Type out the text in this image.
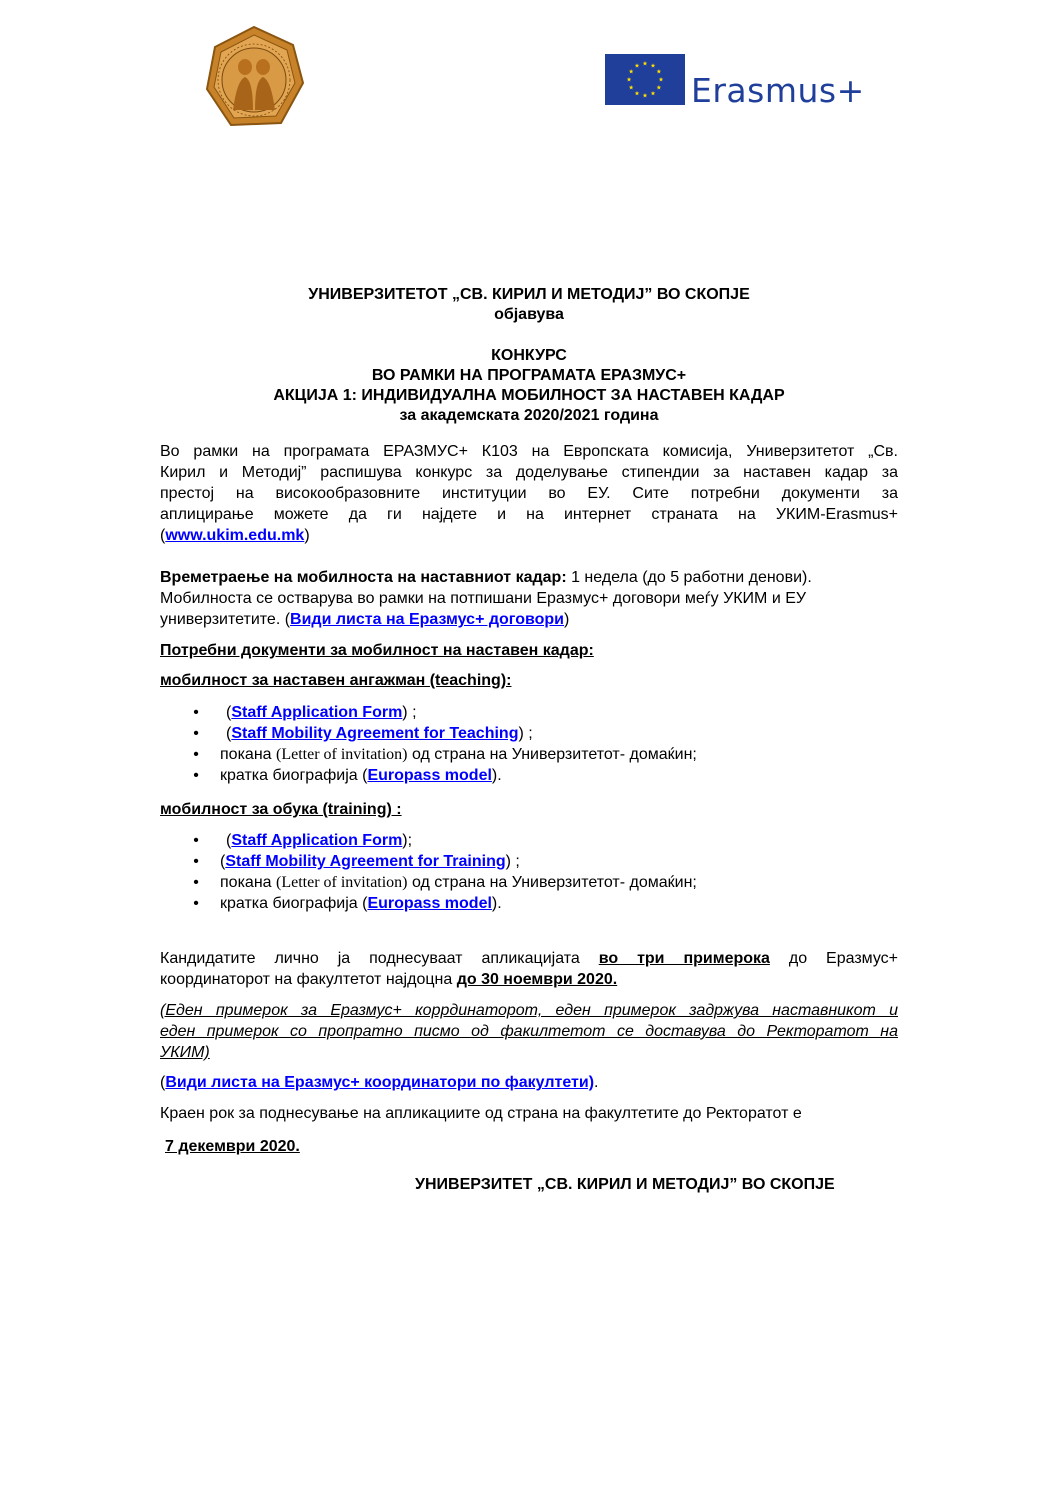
Erasmus+
УНИВЕРЗИТЕТОТ „СВ. КИРИЛ И МЕТОДИЈ” ВО СКОПЈЕ
објавува
КОНКУРС
ВО РАМКИ НА ПРОГРАМАТА ЕРАЗМУС+
АКЦИЈА 1: ИНДИВИДУАЛНА МОБИЛНОСТ ЗА НАСТАВЕН КАДАР
за академската 2020/2021 година
Во рамки на програмата ЕРАЗМУС+ К103 на Европската комисија, Универзитетот „Св.
Кирил и Методиј” распишува конкурс за доделување стипендии за наставен кадар за
престој на високообразовните институции во ЕУ. Сите потребни документи за
аплицирање можете да ги најдете и на интернет страната на УКИМ-Erasmus+
(www.ukim.edu.mk)
Времетраење на мобилноста на наставниот кадар: 1 недела (до 5 работни денови).
Мобилноста се остварува во рамки на потпишани Еразмус+ договори меѓу УКИМ и ЕУ
универзитетите. (Види листа на Еразмус+ договори)
Потребни документи за мобилност на наставен кадар:
мобилност за наставен ангажман (teaching):
• (Staff Application Form) ;
• (Staff Mobility Agreement for Teaching) ;
• покана (Letter of invitation) од страна на Универзитетот- домаќин;
• кратка биографија (Europass model).
мобилност за обука (training) :
• (Staff Application Form);
• (Staff Mobility Agreement for Training) ;
• покана (Letter of invitation) од страна на Универзитетот- домаќин;
• кратка биографија (Europass model).
Кандидатите лично ја поднесуваат апликацијата во три примерока до Еразмус+
координаторот на факултетот најдоцна до 30 ноември 2020.
(Еден примерок за Еразмус+ коррдинаторот, еден примерок задржува наставникот и
еден примерок со пропратно писмо од факилтетот се доставува до Ректоратот на
УКИМ)
(Види листа на Еразмус+ координатори по факултети).
Краен рок за поднесување на апликациите од страна на факултетите до Ректоратот е
7 декември 2020.
УНИВЕРЗИТЕТ „СВ. КИРИЛ И МЕТОДИЈ” ВО СКОПЈЕ
